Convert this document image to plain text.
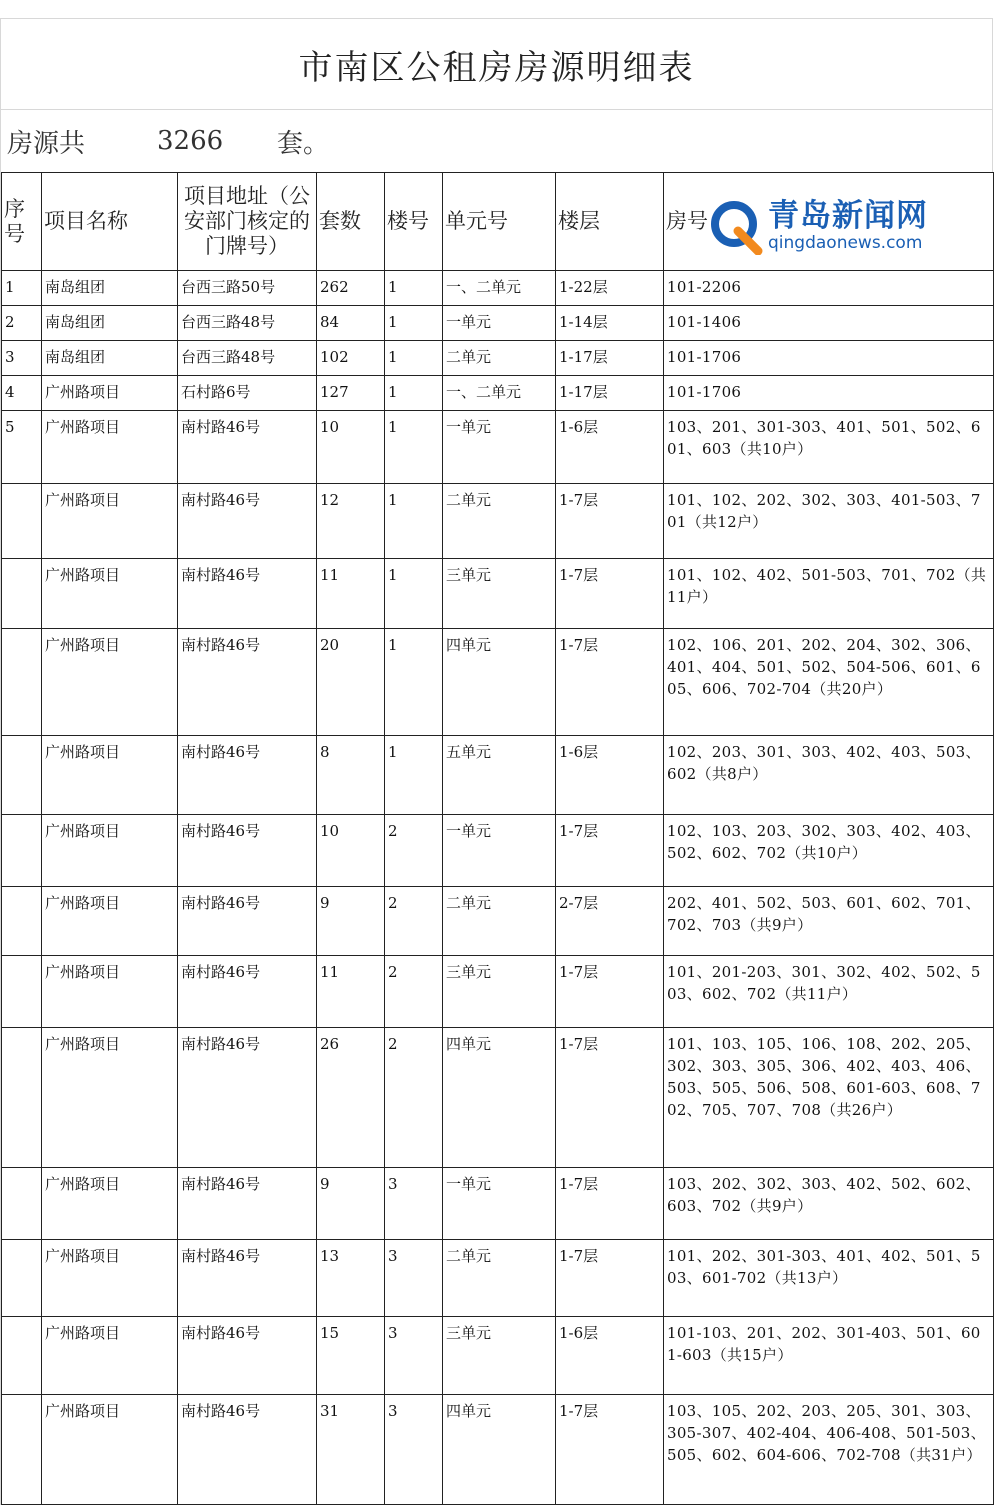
市南区公租房房源明细表
房源共	3266	套。
序号	项目名称	项目地址（公安部门核定的门牌号）	套数	楼号	单元号	楼层	房号
1	南岛组团	台西三路50号	262	1	一、二单元	1-22层	101-2206
2	南岛组团	台西三路48号	84	1	一单元	1-14层	101-1406
3	南岛组团	台西三路48号	102	1	二单元	1-17层	101-1706
4	广州路项目	石村路6号	127	1	一、二单元	1-17层	101-1706
5	广州路项目	南村路46号	10	1	一单元	1-6层	103、201、301-303、401、501、502、601、603（共10户）
	广州路项目	南村路46号	12	1	二单元	1-7层	101、102、202、302、303、401-503、701（共12户）
	广州路项目	南村路46号	11	1	三单元	1-7层	101、102、402、501-503、701、702（共11户）
	广州路项目	南村路46号	20	1	四单元	1-7层	102、106、201、202、204、302、306、401、404、501、502、504-506、601、605、606、702-704（共20户）
	广州路项目	南村路46号	8	1	五单元	1-6层	102、203、301、303、402、403、503、602（共8户）
	广州路项目	南村路46号	10	2	一单元	1-7层	102、103、203、302、303、402、403、502、602、702（共10户）
	广州路项目	南村路46号	9	2	二单元	2-7层	202、401、502、503、601、602、701、702、703（共9户）
	广州路项目	南村路46号	11	2	三单元	1-7层	101、201-203、301、302、402、502、503、602、702（共11户）
	广州路项目	南村路46号	26	2	四单元	1-7层	101、103、105、106、108、202、205、302、303、305、306、402、403、406、503、505、506、508、601-603、608、702、705、707、708（共26户）
	广州路项目	南村路46号	9	3	一单元	1-7层	103、202、302、303、402、502、602、603、702（共9户）
	广州路项目	南村路46号	13	3	二单元	1-7层	101、202、301-303、401、402、501、503、601-702（共13户）
	广州路项目	南村路46号	15	3	三单元	1-6层	101-103、201、202、301-403、501、601-603（共15户）
	广州路项目	南村路46号	31	3	四单元	1-7层	103、105、202、203、205、301、303、305-307、402-404、406-408、501-503、505、602、604-606、702-708（共31户）
青岛新闻网
qingdaonews.com
